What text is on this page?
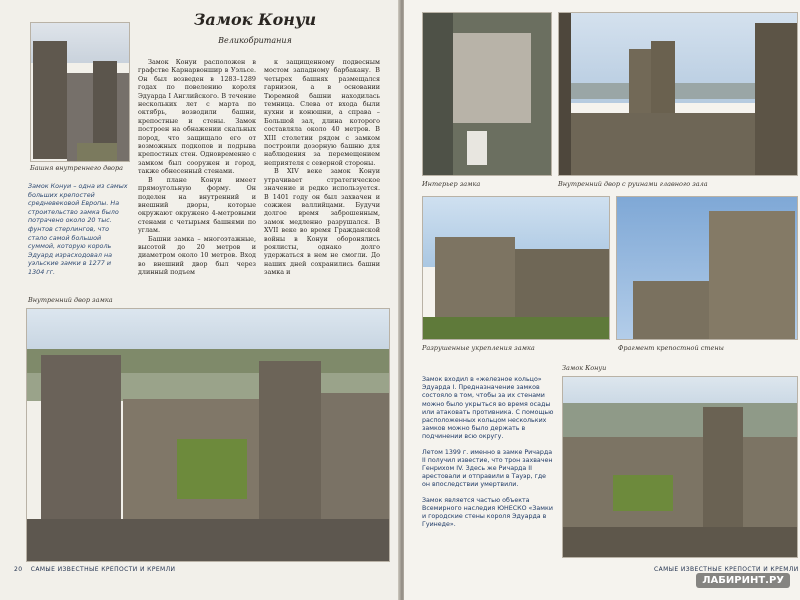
Башня внутреннего двора
Замок Конуи – одна из самых больших крепостей средневековой Европы. На строительство замка было потрачено около 20 тыс. фунтов стерлингов, что стало самой большой суммой, которую король Эдуард израсходовал на уэльские замки в 1277 и 1304 гг.
Замок Конуи
Великобритания

Замок Конуи расположен в графстве Карнарвоншир в Уэльсе. Он был возведен в 1283–1289 годах по повелению короля Эдуарда I Английского. В течение нескольких лет с марта по октябрь, возводили башни, крепостные и стены. Замок построен на обнажении скальных пород, что защищало его от возможных подкопов и подрыва крепостных стен. Одновременно с замком был сооружен и город, также обнесенный стенами.

В плане Конуи имеет прямоугольную форму. Он поделен на внутренний и внешний дворы, которые окружают окружено 4-метровыми стенами с четырьмя башнями по углам.

Башни замка – многоэтажные, высотой до 20 метров и диаметром около 10 метров. Вход во внешний двор был через длинный подъем

к защищенному подвесным мостом западному барбакану. В четырех башнях размещался гарнизон, а в основании Тюремной башни находилась темница. Слева от входа были кухни и конюшни, а справа – Большой зал, длина которого составляла около 40 метров. В XIII столетии рядом с замком построили дозорную башню для наблюдения за перемещением неприятеля с северной стороны.

В XIV веке замок Конуи утрачивает стратегическое значение и редко используется. В 1401 году он был захвачен и сожжен валлийцами. Будучи долгое время заброшенным, замок медленно разрушался. В XVII веке во время Гражданской войны в Конуи оборонялись роялисты, однако долго удержаться в нем не смогли. До наших дней сохранились башни замка и

Внутренний двор замка
20 САМЫЕ ИЗВЕСТНЫЕ КРЕПОСТИ И КРЕМЛИ
Интерьер замка	Внутренний двор с руинами главного зала
Разрушенные укрепления замка	Фрагмент крепостной стены
Замок Конуи

Замок входил в «железное кольцо» Эдуарда I. Предназначение замков состояло в том, чтобы за их стенами можно было укрыться во время осады или атаковать противника. С помощью расположенных кольцом нескольких замков можно было держать в подчинении всю округу.

Летом 1399 г. именно в замке Ричарда II получил известие, что трон захвачен Генрихом IV. Здесь же Ричарда II арестовали и отправили в Тауэр, где он впоследствии умертвили.

Замок является частью объекта Всемирного наследия ЮНЕСКО «Замки и городские стены короля Эдуарда в Гуинеде».

САМЫЕ ИЗВЕСТНЫЕ КРЕПОСТИ И КРЕМЛИ
ЛАБИРИНТ.РУ
